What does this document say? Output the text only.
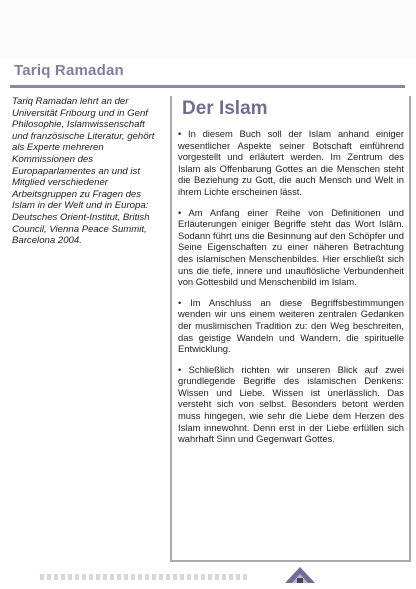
Tariq Ramadan

Tariq Ramadan lehrt an der Universität Fribourg und in Genf Philosophie, Islamwissenschaft und französische Literatur, gehört als Experte mehreren Kommissionen des Europaparlamentes an und ist Mitglied verschiedener Arbeitsgruppen zu Fragen des Islam in der Welt und in Europa: Deutsches Orient-Institut, British Council, Vienna Peace Summit, Barcelona 2004.

Der Islam

• In diesem Buch soll der Islam anhand einiger wesentlicher Aspekte seiner Botschaft einführend vorgestellt und erläutert werden. Im Zentrum des Islam als Offenbarung Gottes an die Menschen steht die Beziehung zu Gott, die auch Mensch und Welt in ihrem Lichte erscheinen lässt.

• Am Anfang einer Reihe von Definitionen und Erläuterungen einiger Begriffe steht das Wort Islâm. Sodann führt uns die Besinnung auf den Schöpfer und Seine Eigenschaften zu einer näheren Betrachtung des islamischen Menschenbildes. Hier erschließt sich uns die tiefe, innere und unauflösliche Verbundenheit von Gottesbild und Menschenbild im Islam.

• Im Anschluss an diese Begriffsbestimmungen wenden wir uns einem weiteren zentralen Gedanken der muslimischen Tradition zu: den Weg beschreiten, das geistige Wandeln und Wandern, die spirituelle Entwicklung.

• Schließlich richten wir unseren Blick auf zwei grundlegende Begriffe des islamischen Denkens: Wissen und Liebe. Wissen ist unerlässlich. Das versteht sich von selbst. Besonders betont werden muss hingegen, wie sehr die Liebe dem Herzen des Islam innewohnt. Denn erst in der Liebe erfüllen sich wahrhaft Sinn und Gegenwart Gottes.
